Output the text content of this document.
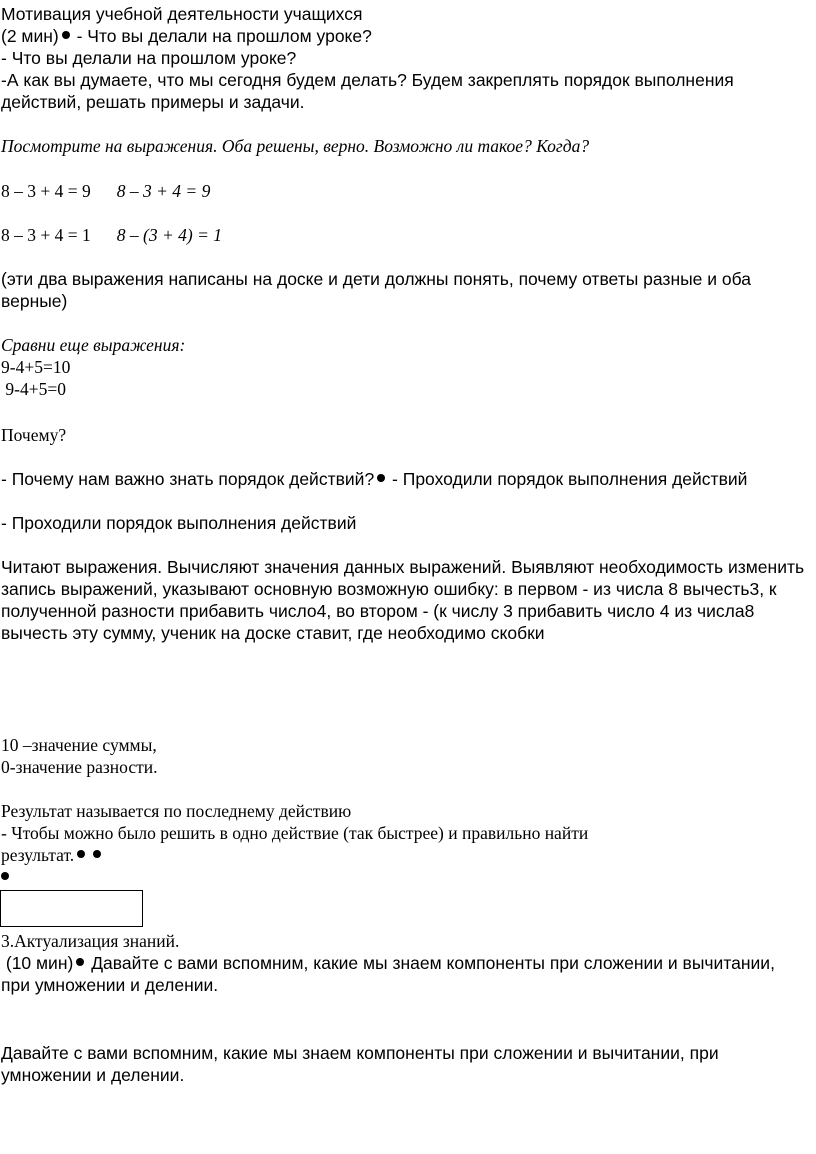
Мотивация учебной деятельности учащихся
(2 мин) - Что вы делали на прошлом уроке?
- Что вы делали на прошлом уроке?
-А как вы думаете, что мы сегодня будем делать? Будем закреплять порядок выполнения
действий, решать примеры и задачи.
Посмотрите на выражения. Оба решены, верно. Возможно ли такое? Когда?
8 – 3 + 4 = 9 8 – 3 + 4 = 9
8 – 3 + 4 = 1 8 – (3 + 4) = 1
(эти два выражения написаны на доске и дети должны понять, почему ответы разные и оба
верные)
Сравни еще выражения:
9-4+5=10
9-4+5=0
Почему?
- Почему нам важно знать порядок действий? - Проходили порядок выполнения действий
- Проходили порядок выполнения действий
Читают выражения. Вычисляют значения данных выражений. Выявляют необходимость изменить
запись выражений, указывают основную возможную ошибку: в первом - из числа 8 вычесть3, к
полученной разности прибавить число4, во втором - (к числу 3 прибавить число 4 из числа8
вычесть эту сумму, ученик на доске ставит, где необходимо скобки
10 –значение суммы,
0-значение разности.
Результат называется по последнему действию
- Чтобы можно было решить в одно действие (так быстрее) и правильно найти
результат.
3.Актуализация знаний.
(10 мин) Давайте с вами вспомним, какие мы знаем компоненты при сложении и вычитании,
при умножении и делении.
Давайте с вами вспомним, какие мы знаем компоненты при сложении и вычитании, при
умножении и делении.
